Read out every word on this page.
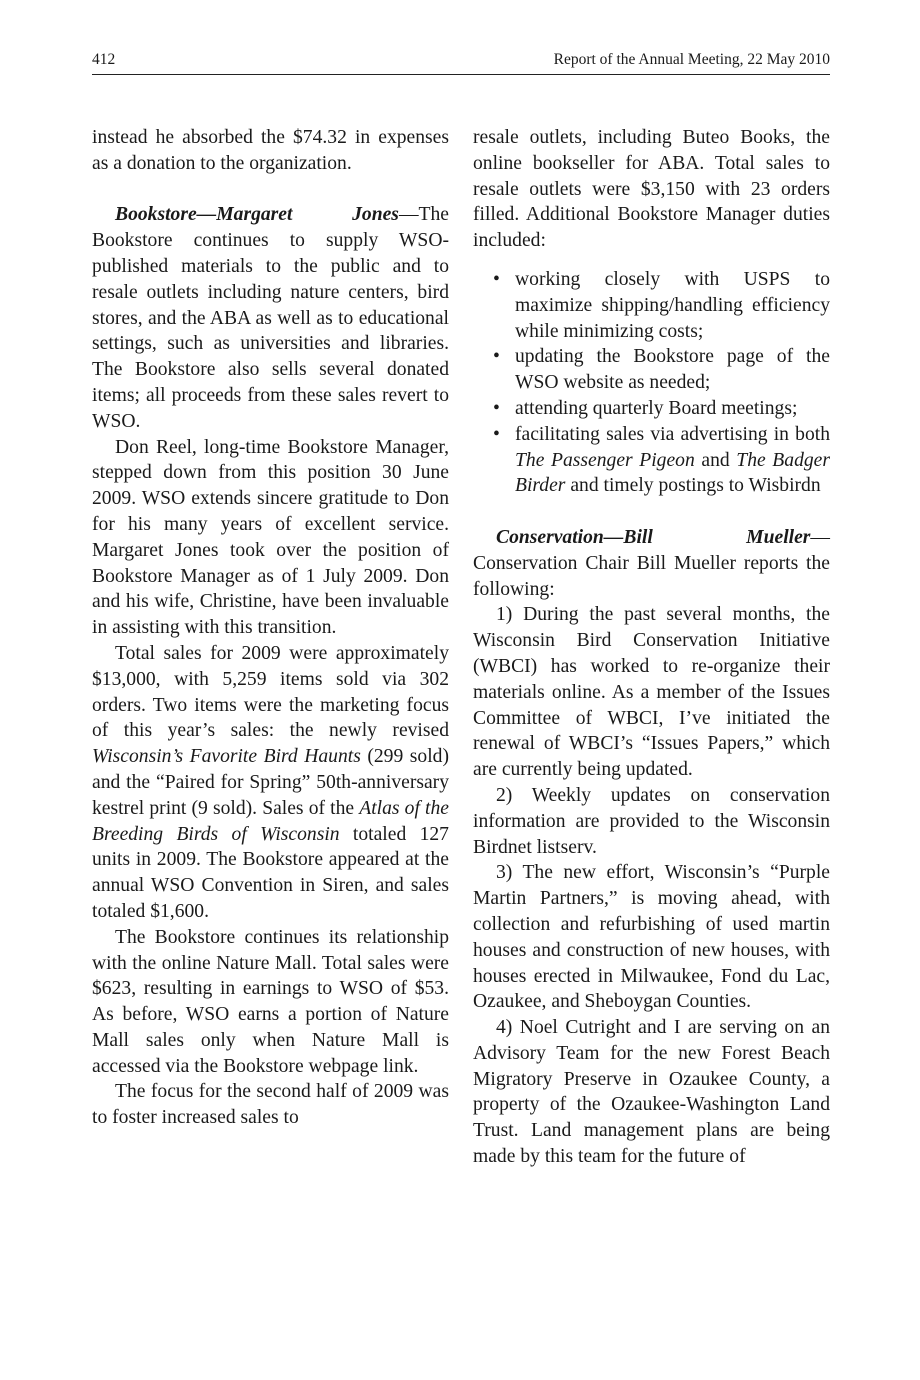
412	Report of the Annual Meeting, 22 May 2010

instead he absorbed the $74.32 in expenses as a donation to the organization.

Bookstore—Margaret Jones—The Bookstore continues to supply WSO-published materials to the public and to resale outlets including nature centers, bird stores, and the ABA as well as to educational settings, such as universities and libraries. The Bookstore also sells several donated items; all proceeds from these sales revert to WSO.

Don Reel, long-time Bookstore Manager, stepped down from this position 30 June 2009. WSO extends sincere gratitude to Don for his many years of excellent service. Margaret Jones took over the position of Bookstore Manager as of 1 July 2009. Don and his wife, Christine, have been invaluable in assisting with this transition.

Total sales for 2009 were approximately $13,000, with 5,259 items sold via 302 orders. Two items were the marketing focus of this year’s sales: the newly revised Wisconsin’s Favorite Bird Haunts (299 sold) and the “Paired for Spring” 50th-anniversary kestrel print (9 sold). Sales of the Atlas of the Breeding Birds of Wisconsin totaled 127 units in 2009. The Bookstore appeared at the annual WSO Convention in Siren, and sales totaled $1,600.

The Bookstore continues its relationship with the online Nature Mall. Total sales were $623, resulting in earnings to WSO of $53. As before, WSO earns a portion of Nature Mall sales only when Nature Mall is accessed via the Bookstore webpage link.

The focus for the second half of 2009 was to foster increased sales to

resale outlets, including Buteo Books, the online bookseller for ABA. Total sales to resale outlets were $3,150 with 23 orders filled. Additional Bookstore Manager duties included:

• working closely with USPS to maximize shipping/handling efficiency while minimizing costs;
• updating the Bookstore page of the WSO website as needed;
• attending quarterly Board meetings;
• facilitating sales via advertising in both The Passenger Pigeon and The Badger Birder and timely postings to Wisbirdn

Conservation—Bill Mueller—Conservation Chair Bill Mueller reports the following:

1) During the past several months, the Wisconsin Bird Conservation Initiative (WBCI) has worked to re-organize their materials online. As a member of the Issues Committee of WBCI, I’ve initiated the renewal of WBCI’s “Issues Papers,” which are currently being updated.

2) Weekly updates on conservation information are provided to the Wisconsin Birdnet listserv.

3) The new effort, Wisconsin’s “Purple Martin Partners,” is moving ahead, with collection and refurbishing of used martin houses and construction of new houses, with houses erected in Milwaukee, Fond du Lac, Ozaukee, and Sheboygan Counties.

4) Noel Cutright and I are serving on an Advisory Team for the new Forest Beach Migratory Preserve in Ozaukee County, a property of the Ozaukee-Washington Land Trust. Land management plans are being made by this team for the future of
